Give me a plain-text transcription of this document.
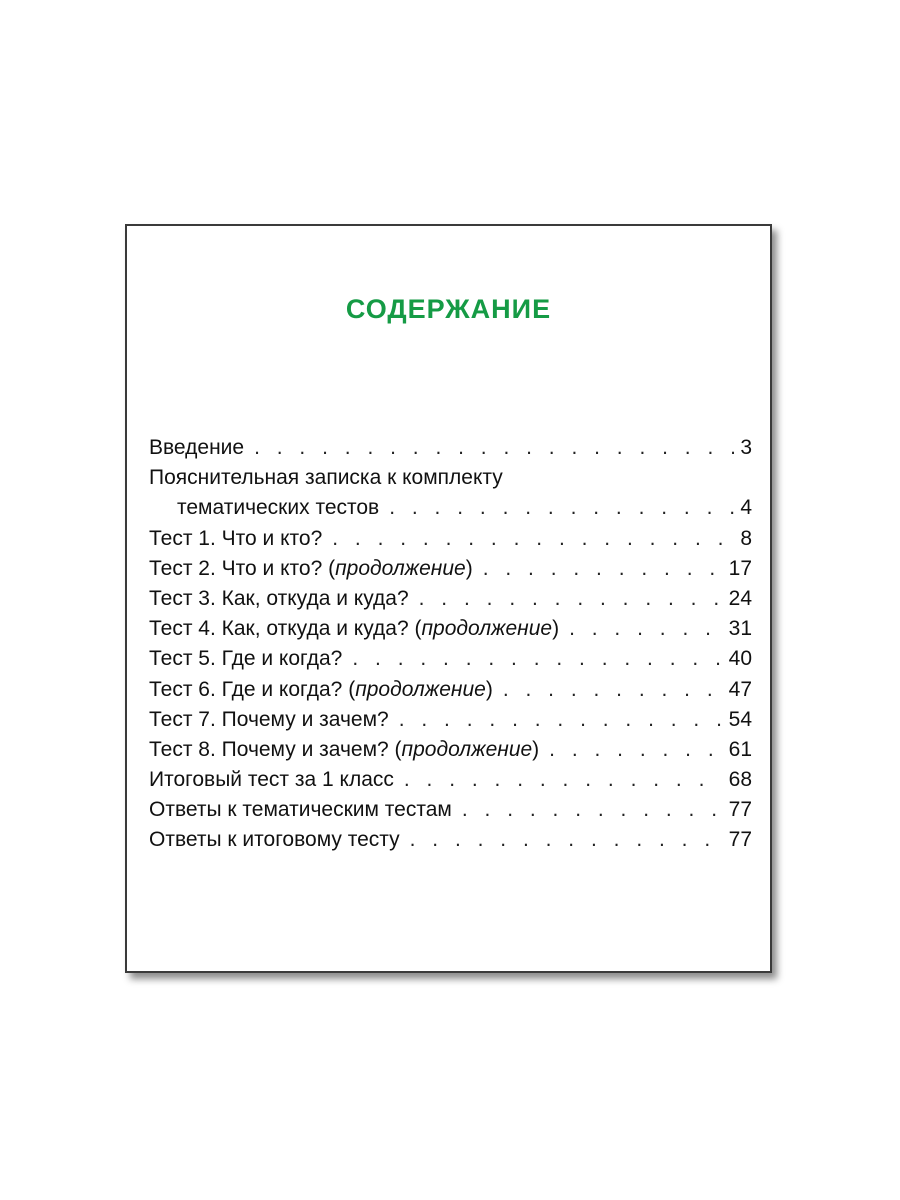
СОДЕРЖАНИЕ
Введение . . .	3
Пояснительная записка к комплекту
тематических тестов . . .	4
Тест 1. Что и кто? . . .	8
Тест 2. Что и кто? (продолжение) . . .	17
Тест 3. Как, откуда и куда? . . .	24
Тест 4. Как, откуда и куда? (продолжение) . . .	31
Тест 5. Где и когда? . . .	40
Тест 6. Где и когда? (продолжение) . . .	47
Тест 7. Почему и зачем? . . .	54
Тест 8. Почему и зачем? (продолжение) . . .	61
Итоговый тест за 1 класс . . .	68
Ответы к тематическим тестам . . .	77
Ответы к итоговому тесту . . .	77
